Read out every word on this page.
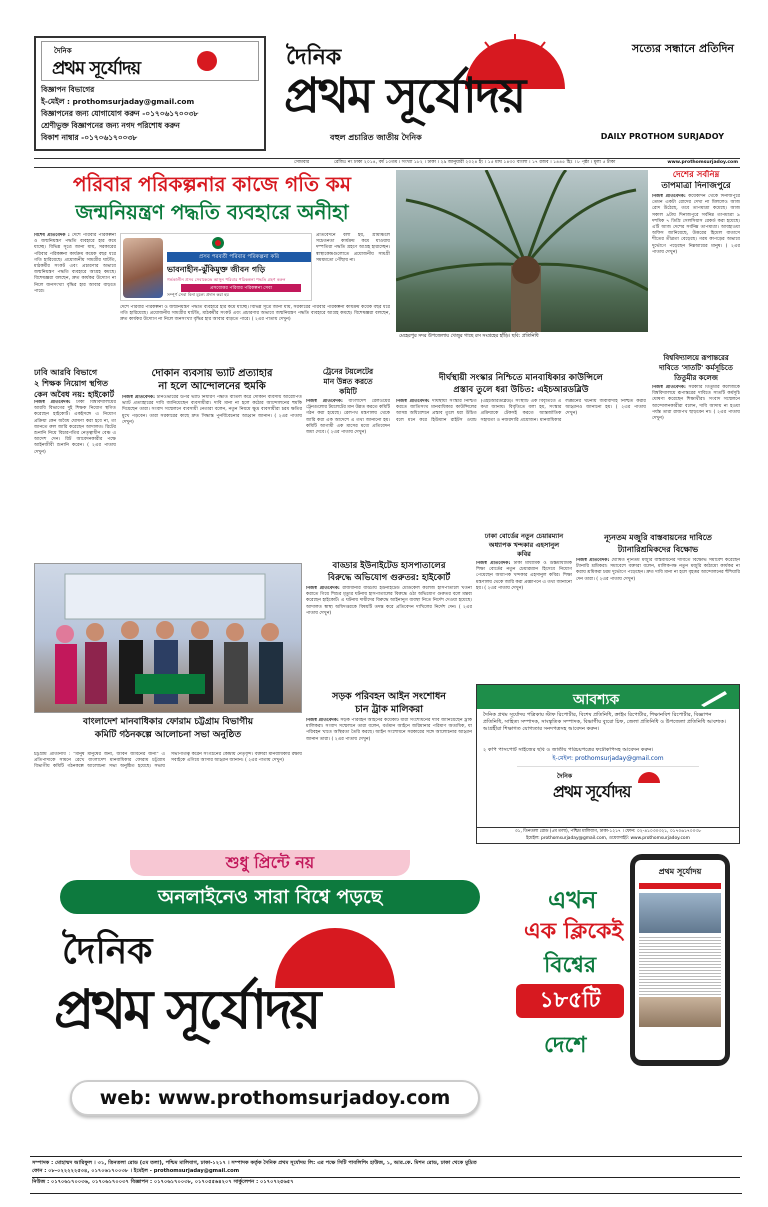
দৈনিক
প্রথম সূর্যোদয়
বিজ্ঞাপন বিভাগের
ই-মেইল : prothomsurjaday@gmail.com
বিজ্ঞাপনের জন্য যোগাযোগ করুন -০১৭০৬১৭০০৩৮
শ্রেণীভুক্ত বিজ্ঞাপনের জন্য নগদ পরিশোধ করুন
বিকাশ নাম্বার -০১৭০৬১৭০০৩৮
দৈনিক	সত্যের সন্ধানে প্রতিদিন
প্রথম সূর্যোদয়
বহুল প্রচারিত জাতীয় দৈনিক	DAILY PROTHOM SURJADOY
সোমবার	রেজিঃ নং ঢাকা ২০১৪, বর্ষ ১০তম । সংখ্যা ১৮২ । ঢাকা । ২৯ জানুয়ারী ২০২৪ ইং । ১৫ মাঘ ১৪৩০ বাংলা । ১৭ রজব । ১৪৪৫ হিঃ । ৮ পৃষ্ঠা । মূল্য ৫ টাকা	www.prothomsurjadoy.com
পরিবার পরিকল্পনার কাজে গতি কম
জন্মনিয়ন্ত্রণ পদ্ধতি ব্যবহারে অনীহা
বিশেষ প্রতিবেদক : দেশে পরিবার পরিকল্পনা ও জন্মনিয়ন্ত্রণ পদ্ধতি ব্যবহারে হার কমে যাচ্ছে। বিভিন্ন সূত্রে জানা যায়, সরকারের পরিবার পরিকল্পনা কার্যক্রম কয়েক বছর ধরে গতি হারিয়েছে। প্রয়োজনীয় সামগ্রীর ঘাটতি, মাঠকর্মীর সংকট এবং প্রচারণার অভাবে জন্মনিয়ন্ত্রণ পদ্ধতি ব্যবহারে আগ্রহ কমছে। বিশেষজ্ঞরা বলছেন, দ্রুত কার্যকর উদ্যোগ না নিলে জনসংখ্যা বৃদ্ধির হার আবার বাড়তে পারে।
প্রসব পরবর্তী পরিবার পরিকল্পনা করি
ভাবনাহীন-ঝুঁকিমুক্ত জীবন গড়ি
গর্ভকালীন প্রসব সেবাকেন্দ্রে আসুন পরিবার পরিকল্পনা পদ্ধতি গ্রহণ করুন
প্রসবোত্তর পরিবার পরিকল্পনা সেবা
সম্পূর্ণ সেবা বিনা মূল্যে প্রদান করা হয়
প্রতিবেদনে বলা হয়, গ্রামাঞ্চলে সচেতনতা কার্যক্রম কমে যাওয়ায় দম্পতিরা পদ্ধতি গ্রহণে আগ্রহ হারাচ্ছেন। স্বাস্থ্যকেন্দ্রগুলোতে প্রয়োজনীয় সামগ্রী সময়মতো পৌঁছায় না।
দেশে পরিবার পরিকল্পনা ও জন্মনিয়ন্ত্রণ পদ্ধতি ব্যবহারে হার কমে যাচ্ছে। বিভিন্ন সূত্রে জানা যায়, সরকারের পরিবার পরিকল্পনা কার্যক্রম কয়েক বছর ধরে গতি হারিয়েছে। প্রয়োজনীয় সামগ্রীর ঘাটতি, মাঠকর্মীর সংকট এবং প্রচারণার অভাবে জন্মনিয়ন্ত্রণ পদ্ধতি ব্যবহারে আগ্রহ কমছে। বিশেষজ্ঞরা বলছেন, দ্রুত কার্যকর উদ্যোগ না নিলে জনসংখ্যা বৃদ্ধির হার আবার বাড়তে পারে। ( ২এর পাতায় দেখুন)
মেহেরপুর সদর উপজেলায় খেজুর গাছে রস সংগ্রহের হাঁড়ি। ছবি: প্রতিনিধি
দেশের সর্বনিম্ন
তাপমাত্রা দিনাজপুরে
নিজস্ব প্রতিবেদক: কয়েকদিন থেকে দিনাজপুরে তেমন একটা রোদের দেখা না মিললেও আজ রোদ উঠেছে, তবে তাপমাত্রা কমেছে। আজ সকাল ৯টায় দিনাজপুরে সর্বনিম্ন তাপমাত্রা ৯ দশমিক ৭ ডিগ্রি সেলসিয়াস রেকর্ড করা হয়েছে। এটি আজ দেশের সর্বনিম্ন তাপমাত্রা। আবহাওয়া অফিস জানিয়েছে, উত্তরের হিমেল বাতাসে শীতের তীব্রতা বেড়েছে। গরম কাপড়ের অভাবে দুর্ভোগে পড়েছেন নিম্নআয়ের মানুষ। ( ২এর পাতায় দেখুন)
ঢাবি আরবি বিভাগে
২ শিক্ষক নিয়োগ স্থগিত
কেন অবৈধ নয়: হাইকোর্ট
নিজস্ব প্রতিবেদক: ঢাকা বিশ্ববিদ্যালয়ের আরবি বিভাগের দুই শিক্ষক নিয়োগ স্থগিত করেছেন হাইকোর্ট। একইসঙ্গে এ নিয়োগ প্রক্রিয়া কেন অবৈধ ঘোষণা করা হবে না, তা জানতে রুল জারি করেছেন আদালত। রিটের শুনানি নিয়ে বিচারপতির নেতৃত্বাধীন বেঞ্চ এ আদেশ দেন। রিট আবেদনকারীর পক্ষে আইনজীবী শুনানি করেন। ( ২এর পাতায় দেখুন)
দোকান ব্যবসায় ভ্যাট প্রত্যাহার
না হলে আন্দোলনের হুমকি
নিজস্ব প্রতিবেদক: টার্নওভারের উপর ভ্যাট নির্ধারণ পদ্ধতি বাতিল করে দোকান ব্যবসায় আরোপিত ভ্যাট প্রত্যাহারের দাবি জানিয়েছেন ব্যবসায়ীরা। দাবি মানা না হলে কঠোর আন্দোলনের হুমকি দিয়েছেন তারা। সংবাদ সম্মেলনে ব্যবসায়ী নেতারা বলেন, নতুন নিয়মে ক্ষুদ্র ব্যবসায়ীরা চরম ক্ষতির মুখে পড়বেন। তারা সরকারের কাছে দ্রুত সিদ্ধান্ত পুনর্বিবেচনার আহ্বান জানান। ( ২এর পাতায় দেখুন)
ট্রেনের টয়লেটের
মান উন্নত করতে
কমিটি
নিজস্ব প্রতিবেদক: বাংলাদেশ রেলওয়ের ট্রেনগুলোর টয়লেটের মান উন্নত করতে কমিটি গঠন করা হয়েছে। রেলপথ মন্ত্রণালয় থেকে জারি করা এক আদেশে এ তথ্য জানানো হয়। কমিটি আগামী এক মাসের মধ্যে প্রতিবেদন জমা দেবে। ( ২এর পাতায় দেখুন)
দীর্ঘস্থায়ী সংস্কার নিশ্চিতে মানবাধিকার কাউন্সিলে
প্রস্তাব তুলে ধরা উচিত: এইচআরডব্লিউ
নিজস্ব প্রতিবেদক: দীর্ঘস্থায়ী সংস্কার নিশ্চিত করতে জাতিসংঘ মানবাধিকার কাউন্সিলের আসন্ন অধিবেশনে প্রস্তাব তুলে ধরা উচিত বলে মনে করে হিউম্যান রাইটস ওয়াচ (এইচআরডব্লিউ)। সংস্থাটি এক বিবৃতিতে এ কথা জানায়। বিবৃতিতে বলা হয়, সংস্কার প্রক্রিয়াকে টেকসই করতে আন্তর্জাতিক সহায়তা ও নজরদারি প্রয়োজন। মানবাধিকার লঙ্ঘনের ঘটনায় জবাবদিহি নিশ্চিত করার আহ্বানও জানানো হয়। ( ২এর পাতায় দেখুন)
বিশ্ববিদ্যালয়ে রূপান্তরের
দাবিতে 'সাতটি' কর্মসূচিতে
তিতুমীর কলেজ
নিজস্ব প্রতিবেদক: সরকারি তিতুমীর কলেজকে বিশ্ববিদ্যালয়ে রূপান্তরের দাবিতে সাতটি কর্মসূচি ঘোষণা করেছেন শিক্ষার্থীরা। সংবাদ সম্মেলনে আন্দোলনকারীরা বলেন, দাবি আদায় না হওয়া পর্যন্ত তারা রাজপথ ছাড়বেন না। ( ২এর পাতায় দেখুন)
বাংলাদেশ মানবাধিকার ফোরাম চট্টগ্রাম বিভাগীয়
কমিটি গঠনকল্পে আলোচনা সভা অনুষ্ঠিত
চট্টগ্রাম প্রতিনিধি : "মানুষ মানুষের জন্য, জীবন জীবনের জন্য" এ প্রতিপাদ্যকে সামনে রেখে বাংলাদেশ মানবাধিকার ফোরাম চট্টগ্রাম বিভাগীয় কমিটি গঠনকল্পে আলোচনা সভা অনুষ্ঠিত হয়েছে। সভায় সভাপতিত্ব করেন সংগঠনের কেন্দ্রীয় নেতৃবৃন্দ। বক্তারা মানবাধিকার রক্ষায় সবাইকে এগিয়ে আসার আহ্বান জানান। ( ২এর পাতায় দেখুন)
বাড্ডার ইউনাইটেড হাসপাতালের
বিরুদ্ধে অভিযোগ গুরুতর: হাইকোর্ট
নিজস্ব প্রতিবেদক: রাজধানীর বাড্ডায় ইউনাইটেড মেডিকেল কলেজ হাসপাতালে খতনা করাতে গিয়ে শিশুর মৃত্যুর ঘটনায় হাসপাতালের বিরুদ্ধে ওঠা অভিযোগ গুরুতর বলে মন্তব্য করেছেন হাইকোর্ট। এ ঘটনায় দায়ীদের বিরুদ্ধে আইনানুগ ব্যবস্থা নিতে নির্দেশ দেওয়া হয়েছে। আদালত স্বাস্থ্য অধিদপ্তরকে বিষয়টি তদন্ত করে প্রতিবেদন দাখিলের নির্দেশ দেন। ( ২এর পাতায় দেখুন)
ঢাকা বোর্ডের নতুন চেয়ারম্যান
অধ্যাপক খন্দকার এহসানুল
কবির
নিজস্ব প্রতিবেদক: ঢাকা মাধ্যমিক ও উচ্চমাধ্যমিক শিক্ষা বোর্ডের নতুন চেয়ারম্যান হিসেবে নিয়োগ পেয়েছেন অধ্যাপক খন্দকার এহসানুল কবির। শিক্ষা মন্ত্রণালয় থেকে জারি করা প্রজ্ঞাপনে এ তথ্য জানানো হয়। ( ২এর পাতায় দেখুন)
ন্যূনতম মজুরি বাস্তবায়নের দাবিতে
ট্যানারিশ্রমিকদের বিক্ষোভ
নিজস্ব প্রতিবেদক: ঘোষিত ন্যূনতম মজুরি বাস্তবায়নের দাবিতে বিক্ষোভ সমাবেশ করেছেন ট্যানারি শ্রমিকরা। সমাবেশে বক্তারা বলেন, মালিকপক্ষ নতুন মজুরি কাঠামো কার্যকর না করায় শ্রমিকরা চরম দুর্ভোগে পড়েছেন। দ্রুত দাবি মানা না হলে বৃহত্তর আন্দোলনের হুঁশিয়ারি দেন তারা। ( ২এর পাতায় দেখুন)
সড়ক পরিবহন আইন সংশোধন
চান ট্রাক মালিকরা
নিজস্ব প্রতিবেদক: সড়ক পরিবহন আইনের কয়েকটি ধারা সংশোধনের দাবি জানিয়েছেন ট্রাক মালিকরা। সংবাদ সম্মেলনে তারা বলেন, বর্তমান আইনে জরিমানার পরিমাণ অত্যধিক, যা পরিবহন খাতে অস্থিরতা তৈরি করছে। আইন সংশোধনে সরকারের সঙ্গে আলোচনার আহ্বান জানান তারা। ( ২এর পাতায় দেখুন)
আবশ্যক
দৈনিক প্রথম সূর্যোদয় পত্রিকায় স্টাফ রিপোর্টার, বিশেষ প্রতিনিধি, ক্রাইম রিপোর্টার, শিক্ষানবিশ রিপোর্টার, বিজ্ঞাপন প্রতিনিধি, সাহিত্য সম্পাদক, সাংস্কৃতিক সম্পাদক, বিভাগীয় ব্যুরো চিফ, জেলা প্রতিনিধি ও উপজেলা প্রতিনিধি আবশ্যক। আগ্রহীরা শিক্ষাগত যোগ্যতার সনদপত্রসহ আবেদন করুন।
২ কপি পাসপোর্ট সাইজের ছবি ও জাতীয় পরিচয়পত্রের ফটোকপিসহ আবেদন করুন।
ই-মেইল: prothomsurjaday@gmail.com
দৈনিক
প্রথম সূর্যোদয়
৩১, তিনতলা রোড (৫ম তলা), পশ্চিম মালিবাগ, ঢাকা-১২১৭ । ফোন: ০২-৪১০৩০৩২১, ০১৭০৬১৭০০৩৮
ইমেইল: prothomsurjaday@gmail.com, ওয়েবসাইট: www.prothomsurjadoy.com
শুধু প্রিন্টে নয়
অনলাইনেও সারা বিশ্বে পড়ছে
দৈনিক
প্রথম সূর্যোদয়
web: www.prothomsurjadoy.com
এখন
এক ক্লিকেই
বিশ্বের
১৮৫টি
দেশে
প্রথম সূর্যোদয়
সম্পাদক : মোহাম্মদ আরিফুল । ৩১, তিনতলা রোড (৫ম তলা), পশ্চিম মালিবাগ, ঢাকা-১২১৭ । সম্পাদক কর্তৃক দৈনিক প্রথম সূর্যোদয় লি: এর পক্ষে সিটি পাবলিশিং হাউজ, ১, আর.কে. মিশন রোড, ঢাকা থেকে মুদ্রিত
ফোন : ০৮-০২২২২২৫৩৪, ০১৭০৬১৭০০৩৮ । ইমেইল - prothomsurjaday@gmail.com
নিউজ : ০১৭০৬১৭০০৩৬, ০১৭০৬১৭০০৩৭ বিজ্ঞাপন : ০১৭০৬১৭০০৩৮, ০১৭০৫৫৬৪২০৭ সার্কুলেশন : ০১৭০৭২৫৬৫৭
